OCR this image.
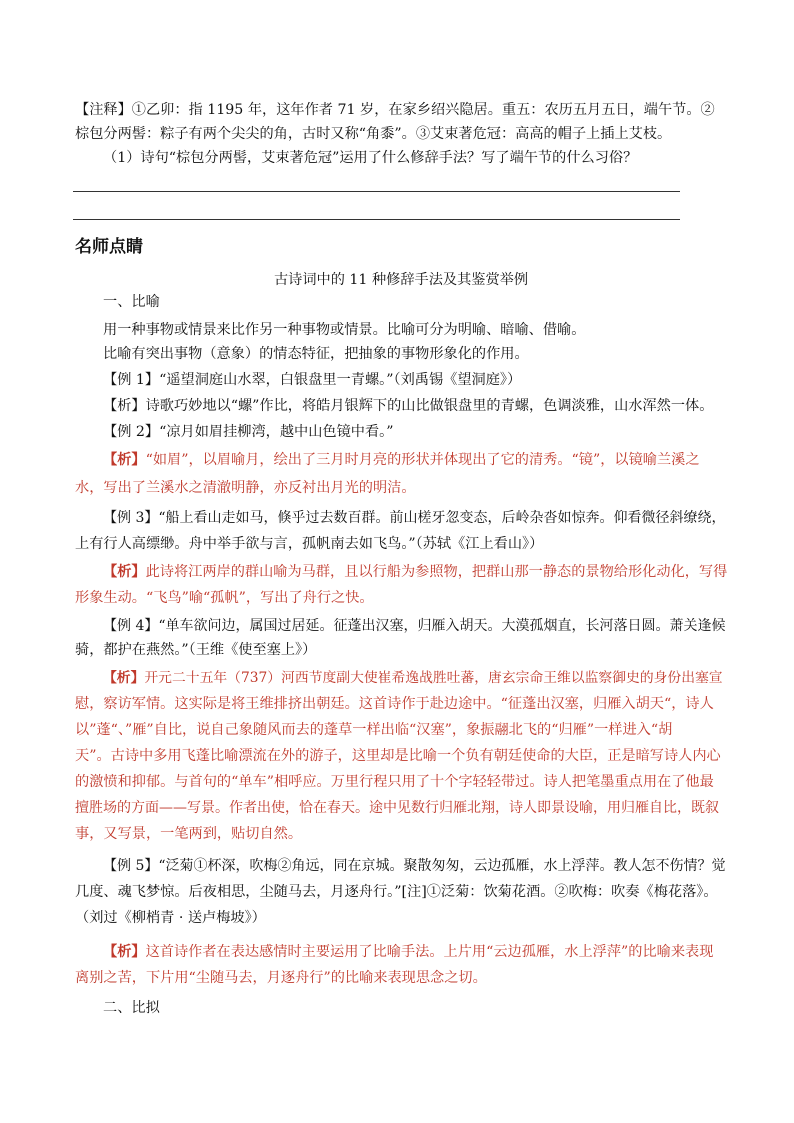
【注释】①乙卯：指 1195 年，这年作者 71 岁，在家乡绍兴隐居。重五：农历五月五日，端午节。②
棕包分两髻：粽子有两个尖尖的角，古时又称“角黍”。③艾束著危冠：高高的帽子上插上艾枝。
（1）诗句“棕包分两髻，艾束著危冠”运用了什么修辞手法？写了端午节的什么习俗？
名师点睛
古诗词中的 11 种修辞手法及其鉴赏举例
一、比喻
用一种事物或情景来比作另一种事物或情景。比喻可分为明喻、暗喻、借喻。
比喻有突出事物（意象）的情态特征，把抽象的事物形象化的作用。
【例 1】“遥望洞庭山水翠，白银盘里一青螺。”（刘禹锡《望洞庭》）
【析】诗歌巧妙地以“螺”作比，将皓月银辉下的山比做银盘里的青螺，色调淡雅，山水浑然一体。
【例 2】“凉月如眉挂柳湾，越中山色镜中看。”
【析】“如眉”，以眉喻月，绘出了三月时月亮的形状并体现出了它的清秀。“镜”，以镜喻兰溪之
水，写出了兰溪水之清澈明静，亦反衬出月光的明洁。
【例 3】“船上看山走如马，倏乎过去数百群。前山槎牙忽变态，后岭杂沓如惊奔。仰看微径斜缭绕，
上有行人高缥缈。舟中举手欲与言，孤帆南去如飞鸟。”（苏轼《江上看山》）
【析】此诗将江两岸的群山喻为马群，且以行船为参照物，把群山那一静态的景物给形化动化，写得
形象生动。“飞鸟”喻“孤帆”，写出了舟行之快。
【例 4】“单车欲问边，属国过居延。征蓬出汉塞，归雁入胡天。大漠孤烟直，长河落日圆。萧关逢候
骑，都护在燕然。”（王维《使至塞上》）
【析】开元二十五年（737）河西节度副大使崔希逸战胜吐蕃，唐玄宗命王维以监察御史的身份出塞宣
慰，察访军情。这实际是将王维排挤出朝廷。这首诗作于赴边途中。“征蓬出汉塞，归雁入胡天“，诗人
以”蓬“、”雁”自比，说自己象随风而去的蓬草一样出临“汉塞”，象振翮北飞的“归雁”一样进入“胡
天”。古诗中多用飞蓬比喻漂流在外的游子，这里却是比喻一个负有朝廷使命的大臣，正是暗写诗人内心
的激愤和抑郁。与首句的“单车”相呼应。万里行程只用了十个字轻轻带过。诗人把笔墨重点用在了他最
擅胜场的方面——写景。作者出使，恰在春天。途中见数行归雁北翔，诗人即景设喻，用归雁自比，既叙
事，又写景，一笔两到，贴切自然。
【例 5】“泛菊①杯深，吹梅②角远，同在京城。聚散匆匆，云边孤雁，水上浮萍。教人怎不伤情？觉
几度、魂飞梦惊。后夜相思，尘随马去，月逐舟行。”[注]①泛菊：饮菊花酒。②吹梅：吹奏《梅花落》。
（刘过《柳梢青 · 送卢梅坡》）
【析】这首诗作者在表达感情时主要运用了比喻手法。上片用“云边孤雁，水上浮萍”的比喻来表现
离别之苦，下片用“尘随马去，月逐舟行”的比喻来表现思念之切。
二、比拟
